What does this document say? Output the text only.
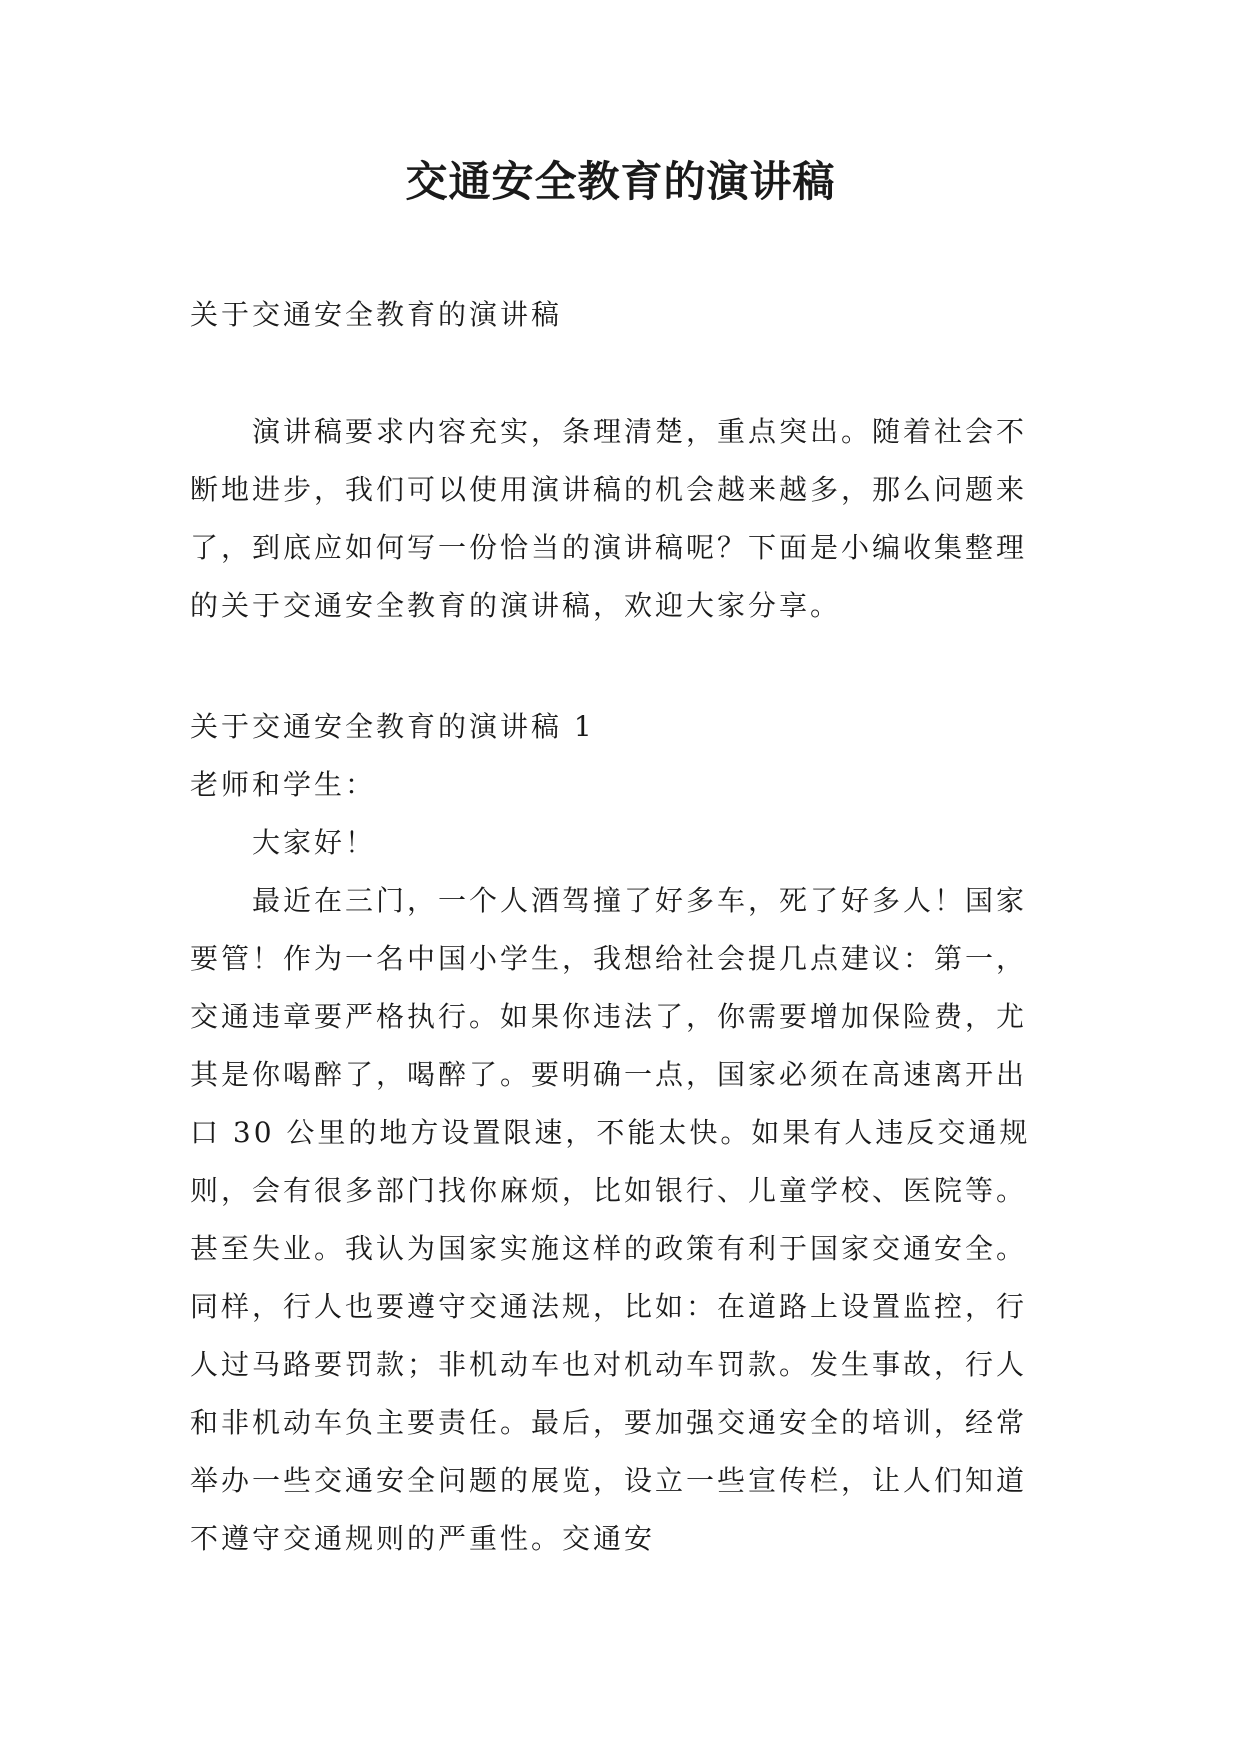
交通安全教育的演讲稿

关于交通安全教育的演讲稿

演讲稿要求内容充实，条理清楚，重点突出。随着社会不断地进步，我们可以使用演讲稿的机会越来越多，那么问题来了，到底应如何写一份恰当的演讲稿呢？下面是小编收集整理的关于交通安全教育的演讲稿，欢迎大家分享。

关于交通安全教育的演讲稿 1

老师和学生：

大家好！

最近在三门，一个人酒驾撞了好多车，死了好多人！国家要管！作为一名中国小学生，我想给社会提几点建议：第一，交通违章要严格执行。如果你违法了，你需要增加保险费，尤其是你喝醉了，喝醉了。要明确一点，国家必须在高速离开出口 30 公里的地方设置限速，不能太快。如果有人违反交通规则，会有很多部门找你麻烦，比如银行、儿童学校、医院等。甚至失业。我认为国家实施这样的政策有利于国家交通安全。同样，行人也要遵守交通法规，比如：在道路上设置监控，行人过马路要罚款；非机动车也对机动车罚款。发生事故，行人和非机动车负主要责任。最后，要加强交通安全的培训，经常举办一些交通安全问题的展览，设立一些宣传栏，让人们知道不遵守交通规则的严重性。交通安
